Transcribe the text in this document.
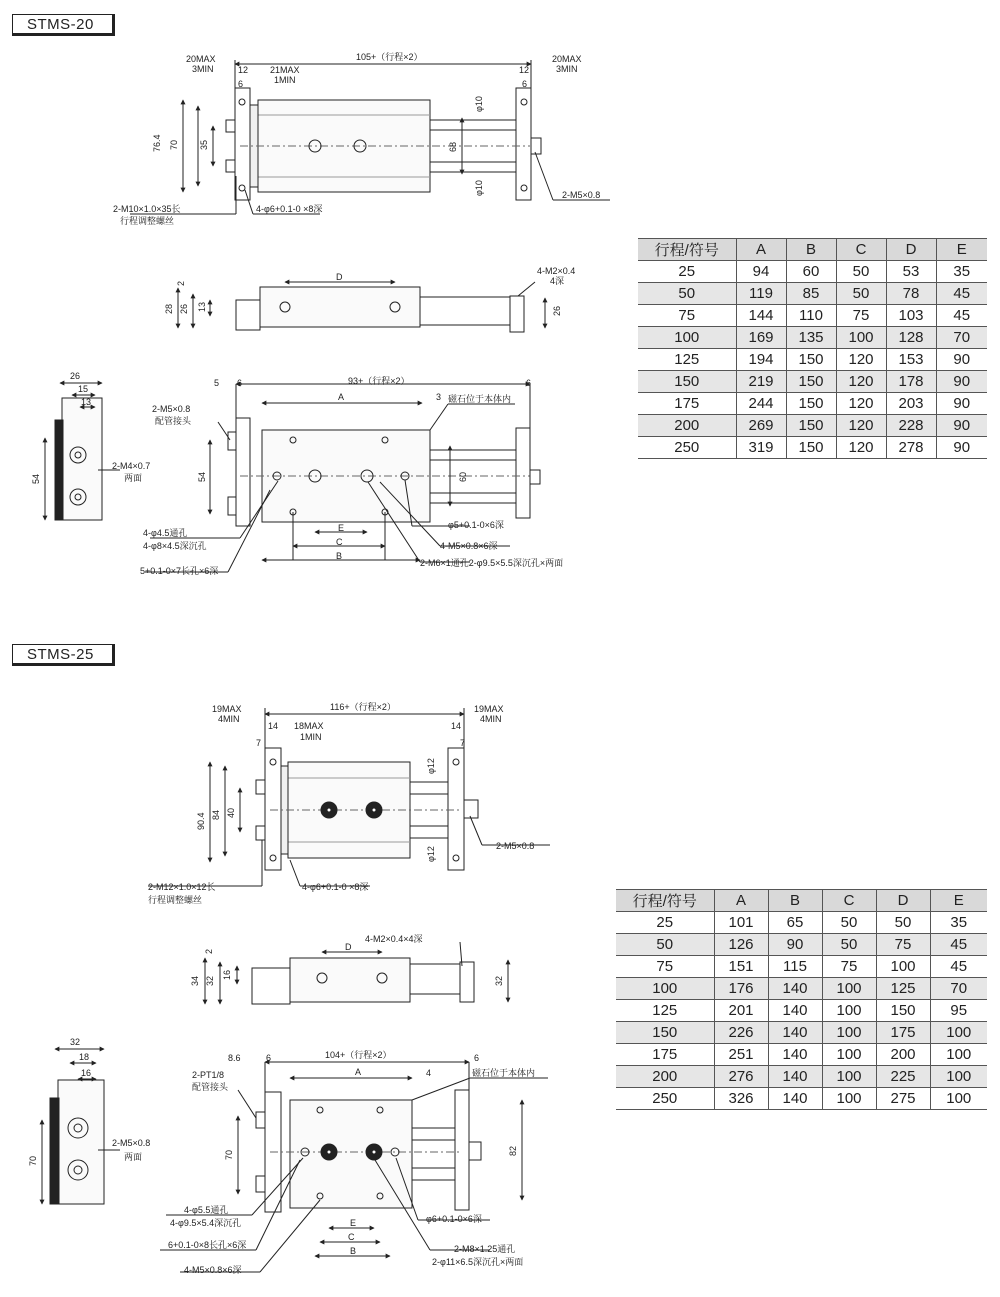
STMS-20
STMS-25
20MAX
3MIN	12
6
21MAX
1MIN
105+（行程×2）	20MAX
3MIN
12
6
76.4 70 35	68
φ10
φ10
2-M10×1.0×35长
行程调整螺丝
4-φ6+0.1-0 ×8深
2-M5×0.8
D
2
28 26 13	26
4-M2×0.4
4深
26
15
13
54
2-M4×0.7
两面
5 6	93+（行程×2）	6
A	3 磁石位于本体内
2-M5×0.8
配管接头
54	60
E
C
B
4-φ4.5通孔
4-φ8×4.5深沉孔
5+0.1-0×7长孔×6深
φ5+0.1-0×6深
4-M5×0.8×6深
2-M6×1通孔2-φ9.5×5.5深沉孔×两面
19MAX
4MIN
14
7
18MAX
1MIN
116+（行程×2）	19MAX
4MIN
14
7
90.4 84 40
φ12
φ12
2-M12×1.0×12长
行程调整螺丝
4-φ6+0.1-0 ×8深
2-M5×0.8
D
4-M2×0.4×4深
2
34 32
16
32
32
18
16
70
2-M5×0.8
两面
8.6	6	104+（行程×2）	6
A	4	磁石位于本体内
2-PT1/8
配管接头
70	82
E
C
B
4-φ5.5通孔
4-φ9.5×5.4深沉孔
6+0.1-0×8长孔×6深
4-M5×0.8×6深
φ6+0.1-0×6深
2-M8×1.25通孔
2-φ11×6.5深沉孔×两面
行程/符号	A	B	C	D	E
25	94	60	50	53	35
50	119	85	50	78	45
75	144	110	75	103	45
100	169	135	100	128	70
125	194	150	120	153	90
150	219	150	120	178	90
175	244	150	120	203	90
200	269	150	120	228	90
250	319	150	120	278	90
行程/符号	A	B	C	D	E
25	101	65	50	50	35
50	126	90	50	75	45
75	151	115	75	100	45
100	176	140	100	125	70
125	201	140	100	150	95
150	226	140	100	175	100
175	251	140	100	200	100
200	276	140	100	225	100
250	326	140	100	275	100
